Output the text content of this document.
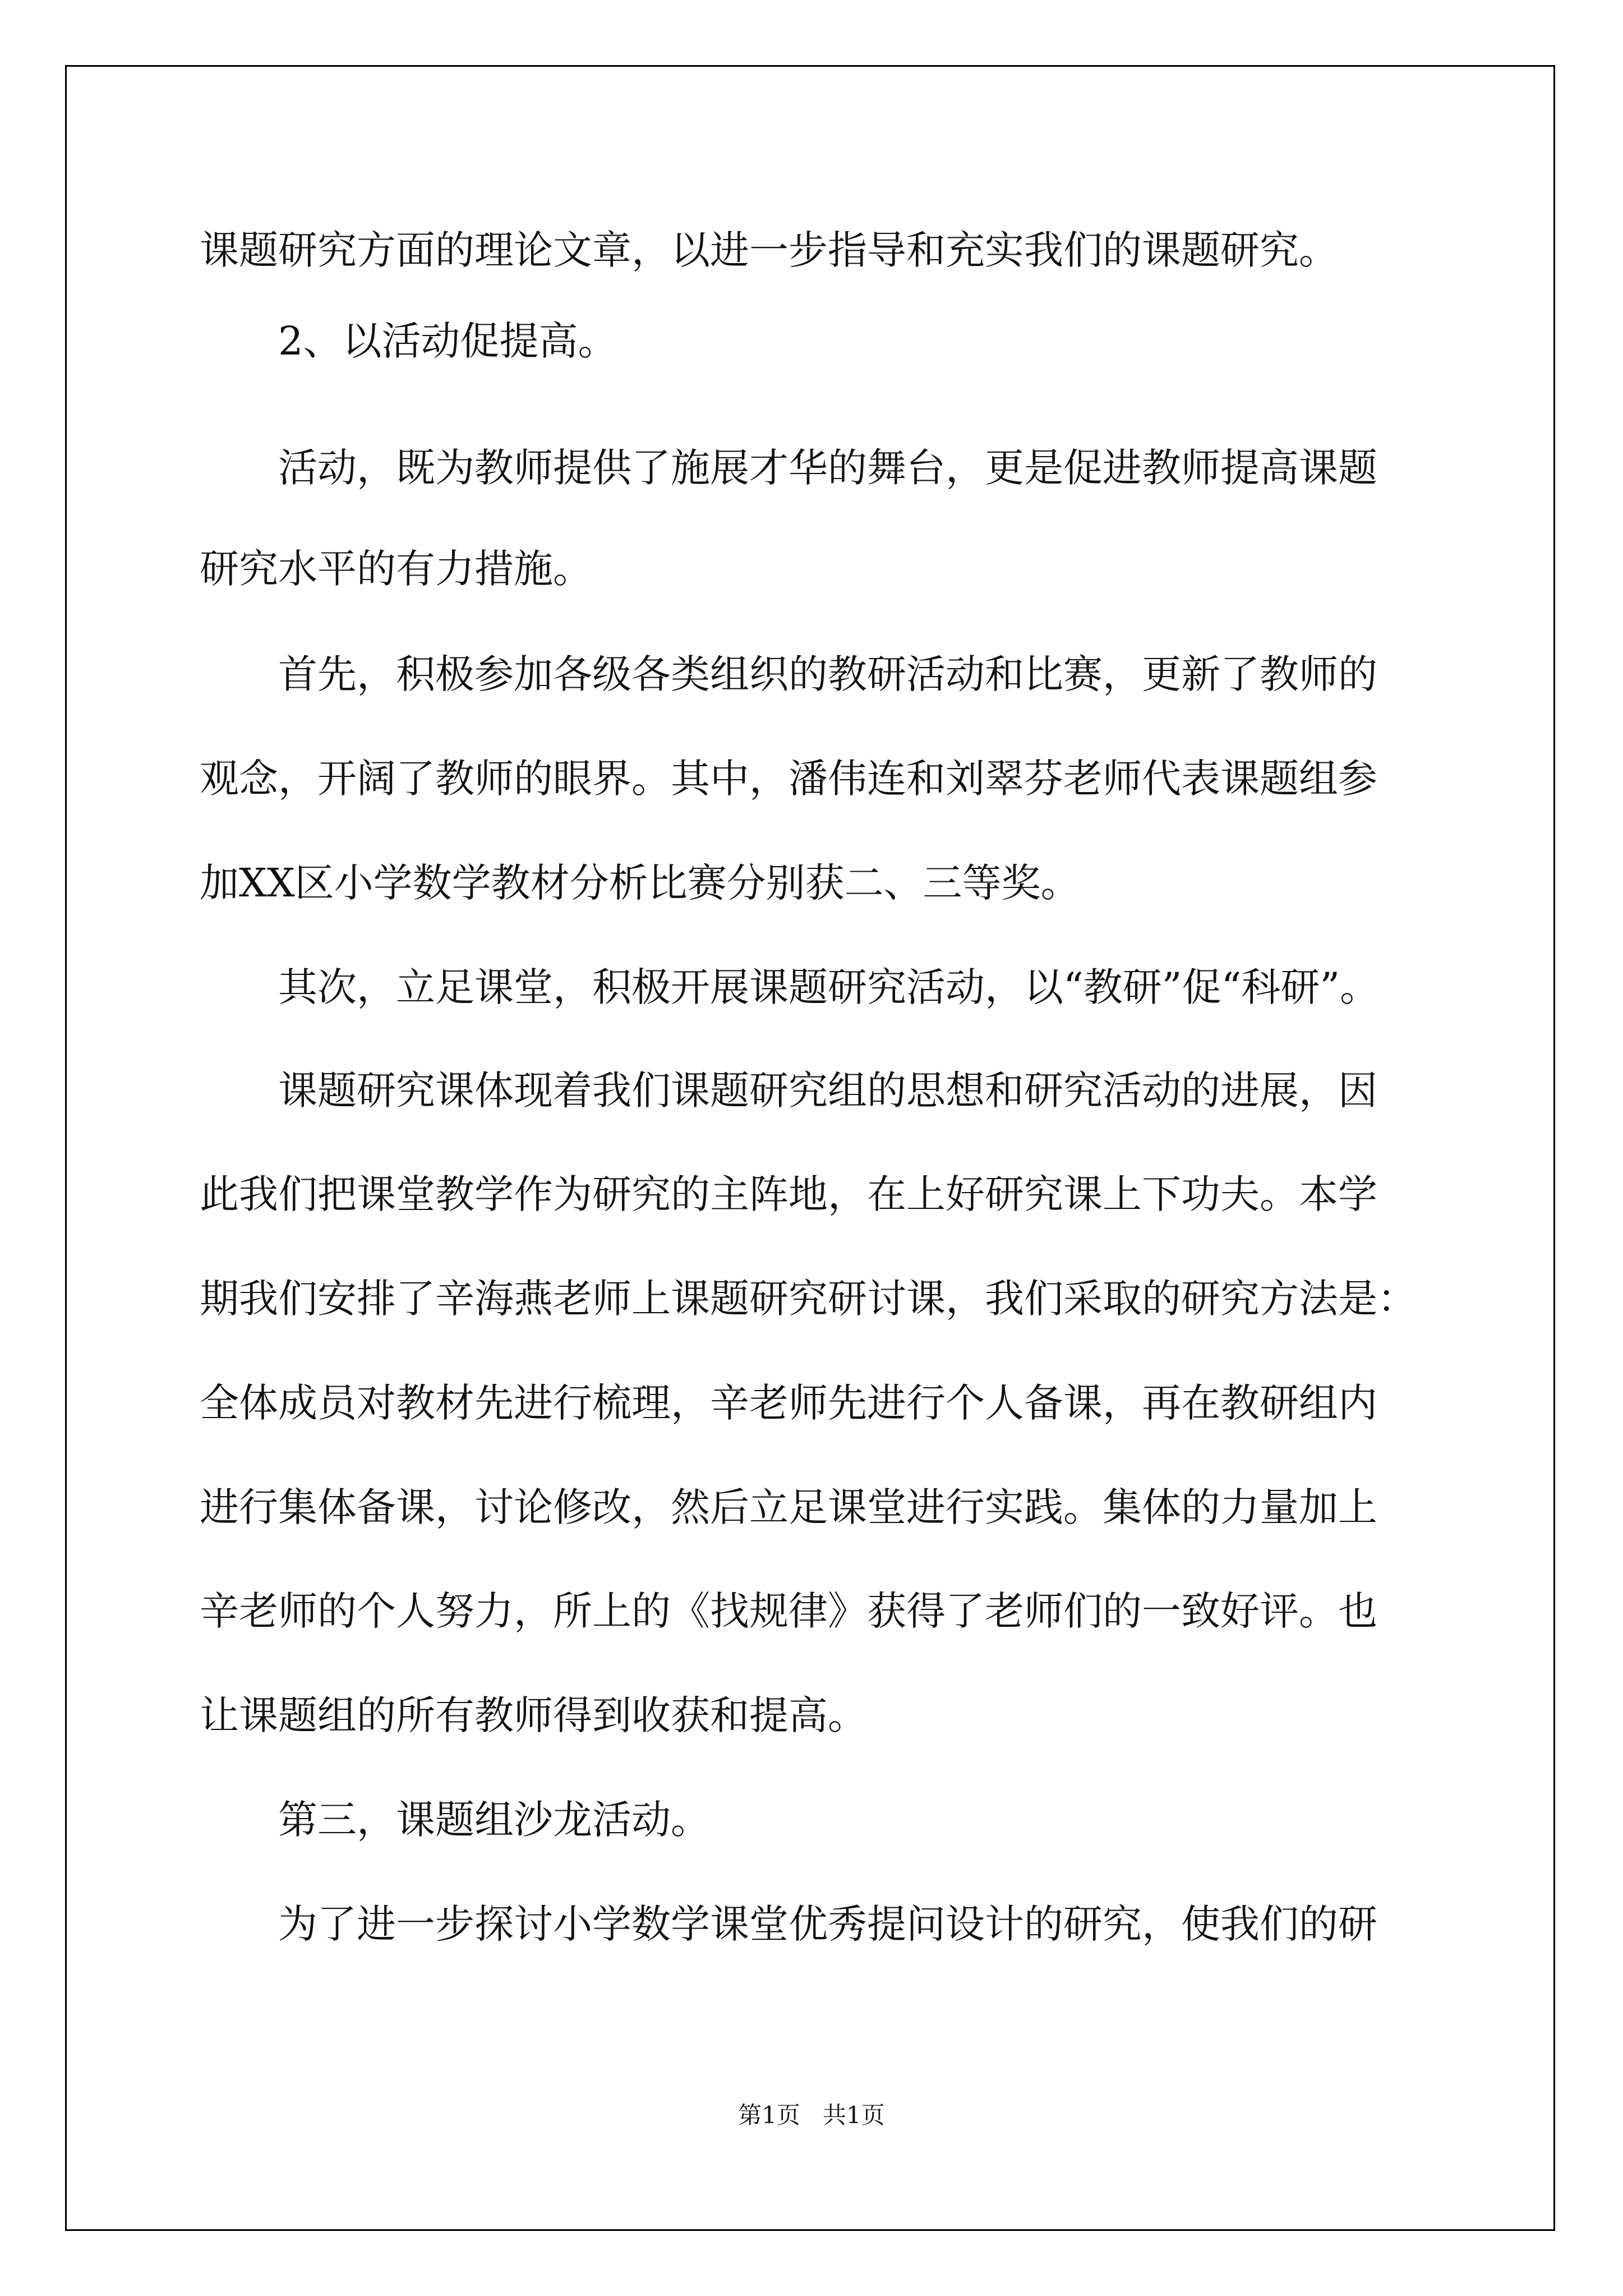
课题研究方面的理论文章，以进一步指导和充实我们的课题研究。

2、以活动促提高。

活动，既为教师提供了施展才华的舞台，更是促进教师提高课题

研究水平的有力措施。

首先，积极参加各级各类组织的教研活动和比赛，更新了教师的

观念，开阔了教师的眼界。其中，潘伟连和刘翠芬老师代表课题组参

加XX区小学数学教材分析比赛分别获二、三等奖。

其次，立足课堂，积极开展课题研究活动，以“教研”促“科研”。

课题研究课体现着我们课题研究组的思想和研究活动的进展，因

此我们把课堂教学作为研究的主阵地，在上好研究课上下功夫。本学

期我们安排了辛海燕老师上课题研究研讨课，我们采取的研究方法是：

全体成员对教材先进行梳理，辛老师先进行个人备课，再在教研组内

进行集体备课，讨论修改，然后立足课堂进行实践。集体的力量加上

辛老师的个人努力，所上的《找规律》获得了老师们的一致好评。也

让课题组的所有教师得到收获和提高。

第三，课题组沙龙活动。

为了进一步探讨小学数学课堂优秀提问设计的研究，使我们的研

第1页   共1页
